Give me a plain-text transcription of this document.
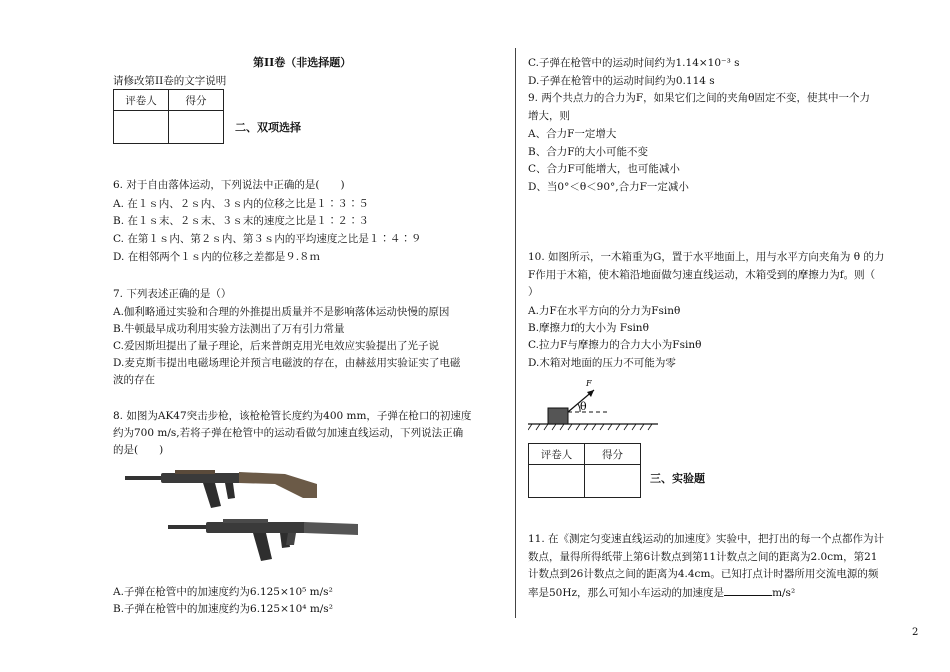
第II卷（非选择题）
请修改第II卷的文字说明
评卷人	得分

二、双项选择
6. 对于自由落体运动，下列说法中正确的是(　　)
A. 在１ｓ内、２ｓ内、３ｓ内的位移之比是１∶３∶５
B. 在１ｓ末、２ｓ末、３ｓ末的速度之比是１∶２∶３
C. 在第１ｓ内、第２ｓ内、第３ｓ内的平均速度之比是１∶４∶９
D. 在相邻两个１ｓ内的位移之差都是９.８ｍ
7. 下列表述正确的是（）
A.伽利略通过实验和合理的外推提出质量并不是影响落体运动快慢的原因
B.牛顿最早成功利用实验方法测出了万有引力常量
C.爱因斯坦提出了量子理论，后来普朗克用光电效应实验提出了光子说
D.麦克斯韦提出电磁场理论并预言电磁波的存在，由赫兹用实验证实了电磁
波的存在
8. 如图为AK47突击步枪，该枪枪管长度约为400 mm，子弹在枪口的初速度
约为700 m/s,若将子弹在枪管中的运动看做匀加速直线运动，下列说法正确
的是(　　)
A.子弹在枪管中的加速度约为6.125×10⁵ m/s²
B.子弹在枪管中的加速度约为6.125×10⁴ m/s²
C.子弹在枪管中的运动时间约为1.14×10⁻³ s
D.子弹在枪管中的运动时间约为0.114 s
9. 两个共点力的合力为F，如果它们之间的夹角θ固定不变，使其中一个力
增大，则
A、合力F一定增大
B、合力F的大小可能不变
C、合力F可能增大，也可能减小
D、当0°＜θ＜90°,合力F一定减小
10. 如图所示，一木箱重为G，置于水平地面上，用与水平方向夹角为 θ 的力
F作用于木箱，使木箱沿地面做匀速直线运动，木箱受到的摩擦力为f。则（
）
A.力F在水平方向的分力为Fsinθ
B.摩擦力f的大小为 Fsinθ
C.拉力F与摩擦力的合力大小为Fsinθ
D.木箱对地面的压力不可能为零
F
θ
评卷人	得分

三、实验题
11. 在《测定匀变速直线运动的加速度》实验中，把打出的每一个点都作为计
数点，量得所得纸带上第6计数点到第11计数点之间的距离为2.0cm，第21
计数点到26计数点之间的距离为4.4cm。已知打点计时器所用交流电源的频
率是50Hz，那么可知小车运动的加速度是	m/s²
2
